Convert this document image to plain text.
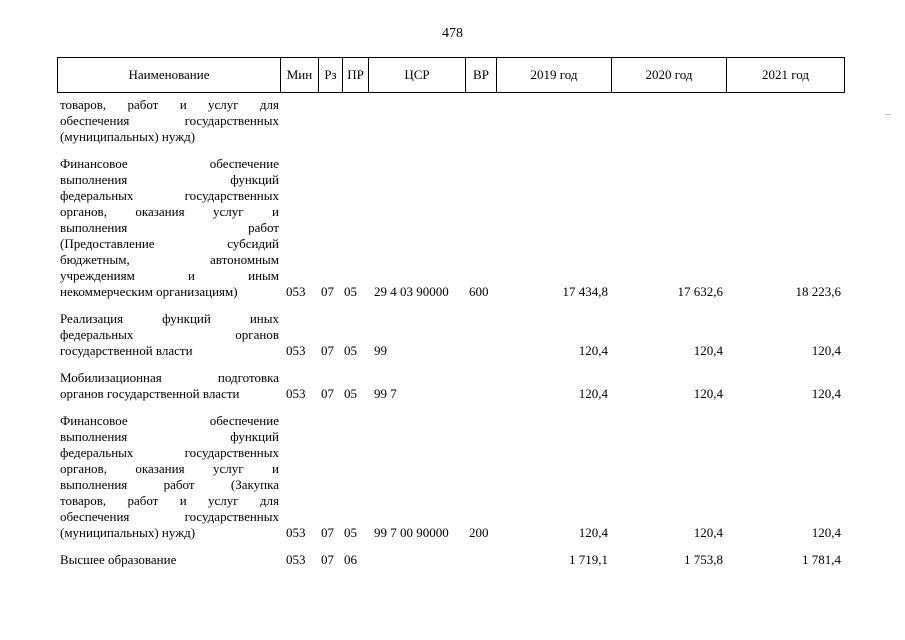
478
Наименование	Мин Рз ПР	ЦСР	ВР	2019 год	2020 год	2021 год
товаров, работ и услуг для
обеспечения государственных
(муниципальных) нужд)
Финансовое обеспечение
выполнения функций
федеральных государственных
органов, оказания услуг и
выполнения работ
(Предоставление субсидий
бюджетным, автономным
учреждениям и иным
некоммерческим организациям)	053	07 05	29 4 03 90000	600	17 434,8	17 632,6	18 223,6
Реализация функций иных
федеральных органов
государственной власти	053	07 05	99	120,4	120,4	120,4
Мобилизационная подготовка
органов государственной власти	053	07 05	99 7	120,4	120,4	120,4
Финансовое обеспечение
выполнения функций
федеральных государственных
органов, оказания услуг и
выполнения работ (Закупка
товаров, работ и услуг для
обеспечения государственных
(муниципальных) нужд)	053	07 05	99 7 00 90000	200	120,4	120,4	120,4
Высшее образование	053	07 06	1 719,1	1 753,8	1 781,4
